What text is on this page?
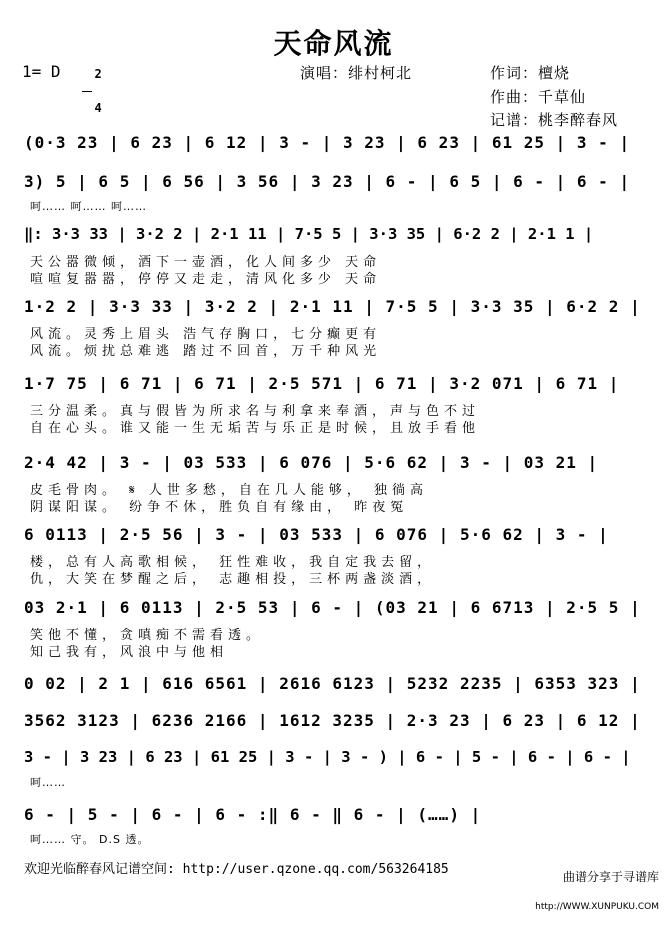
天命风流
1= D	2

4

演唱：绯村柯北	作词：檀烧
作曲：千草仙
记谱：桃李醉春风
(0·3 23 | 6 23 | 6 12 | 3 - | 3 23 | 6 23 | 61 25 | 3 - |
3) 5 | 6 5 | 6 56 | 3 56 | 3 23 | 6 - | 6 5 | 6 - | 6 - |
呵…… 呵…… 呵……
‖: 3·3 33 | 3·2 2 | 2·1 11 | 7·5 5 | 3·3 35 | 6·2 2 | 2·1 1 |
天公嚣微倾，酒下一壶酒，化人间多少 天命
喧喧复嚣嚣，停停又走走，清风化多少 天命
1·2 2 | 3·3 33 | 3·2 2 | 2·1 11 | 7·5 5 | 3·3 35 | 6·2 2 |
风流。灵秀上眉头 浩气存胸口，七分癫更有
风流。烦扰总难逃 踏过不回首，万千种风光
1·7 75 | 6 71 | 6 71 | 2·5 571 | 6 71 | 3·2 071 | 6 71 |
三分温柔。真与假皆为所求名与利拿来奉酒，声与色不过
自在心头。谁又能一生无垢苦与乐正是时候，且放手看他
2·4 42 | 3 - | 03 533 | 6 076 | 5·6 62 | 3 - | 03 21 |
皮毛骨肉。 𝄋 人世多愁，自在几人能够， 独徜高
阴谋阳谋。 纷争不休，胜负自有缘由， 昨夜冤
6 0113 | 2·5 56 | 3 - | 03 533 | 6 076 | 5·6 62 | 3 - |
楼，总有人高歌相候， 狂性难收，我自定我去留，
仇，大笑在梦醒之后， 志趣相投，三杯两盏淡酒，
03 2·1 | 6 0113 | 2·5 53 | 6 - | (03 21 | 6 6713 | 2·5 5 |
笑他不懂，贪嗔痴不需看透。
知己我有，风浪中与他相
0 02 | 2 1 | 616 6561 | 2616 6123 | 5232 2235 | 6353 323 |
3562 3123 | 6236 2166 | 1612 3235 | 2·3 23 | 6 23 | 6 12 |
3 - | 3 23 | 6 23 | 61 25 | 3 - | 3 - ) | 6 - | 5 - | 6 - | 6 - |
呵……
6 - | 5 - | 6 - | 6 - :‖ 6 - ‖ 6 - | (……) |
呵…… 守。 D.S 透。
欢迎光临醉春风记谱空间: http://user.qzone.qq.com/563264185	曲谱分享于寻谱库

http://WWW.XUNPUKU.COM
